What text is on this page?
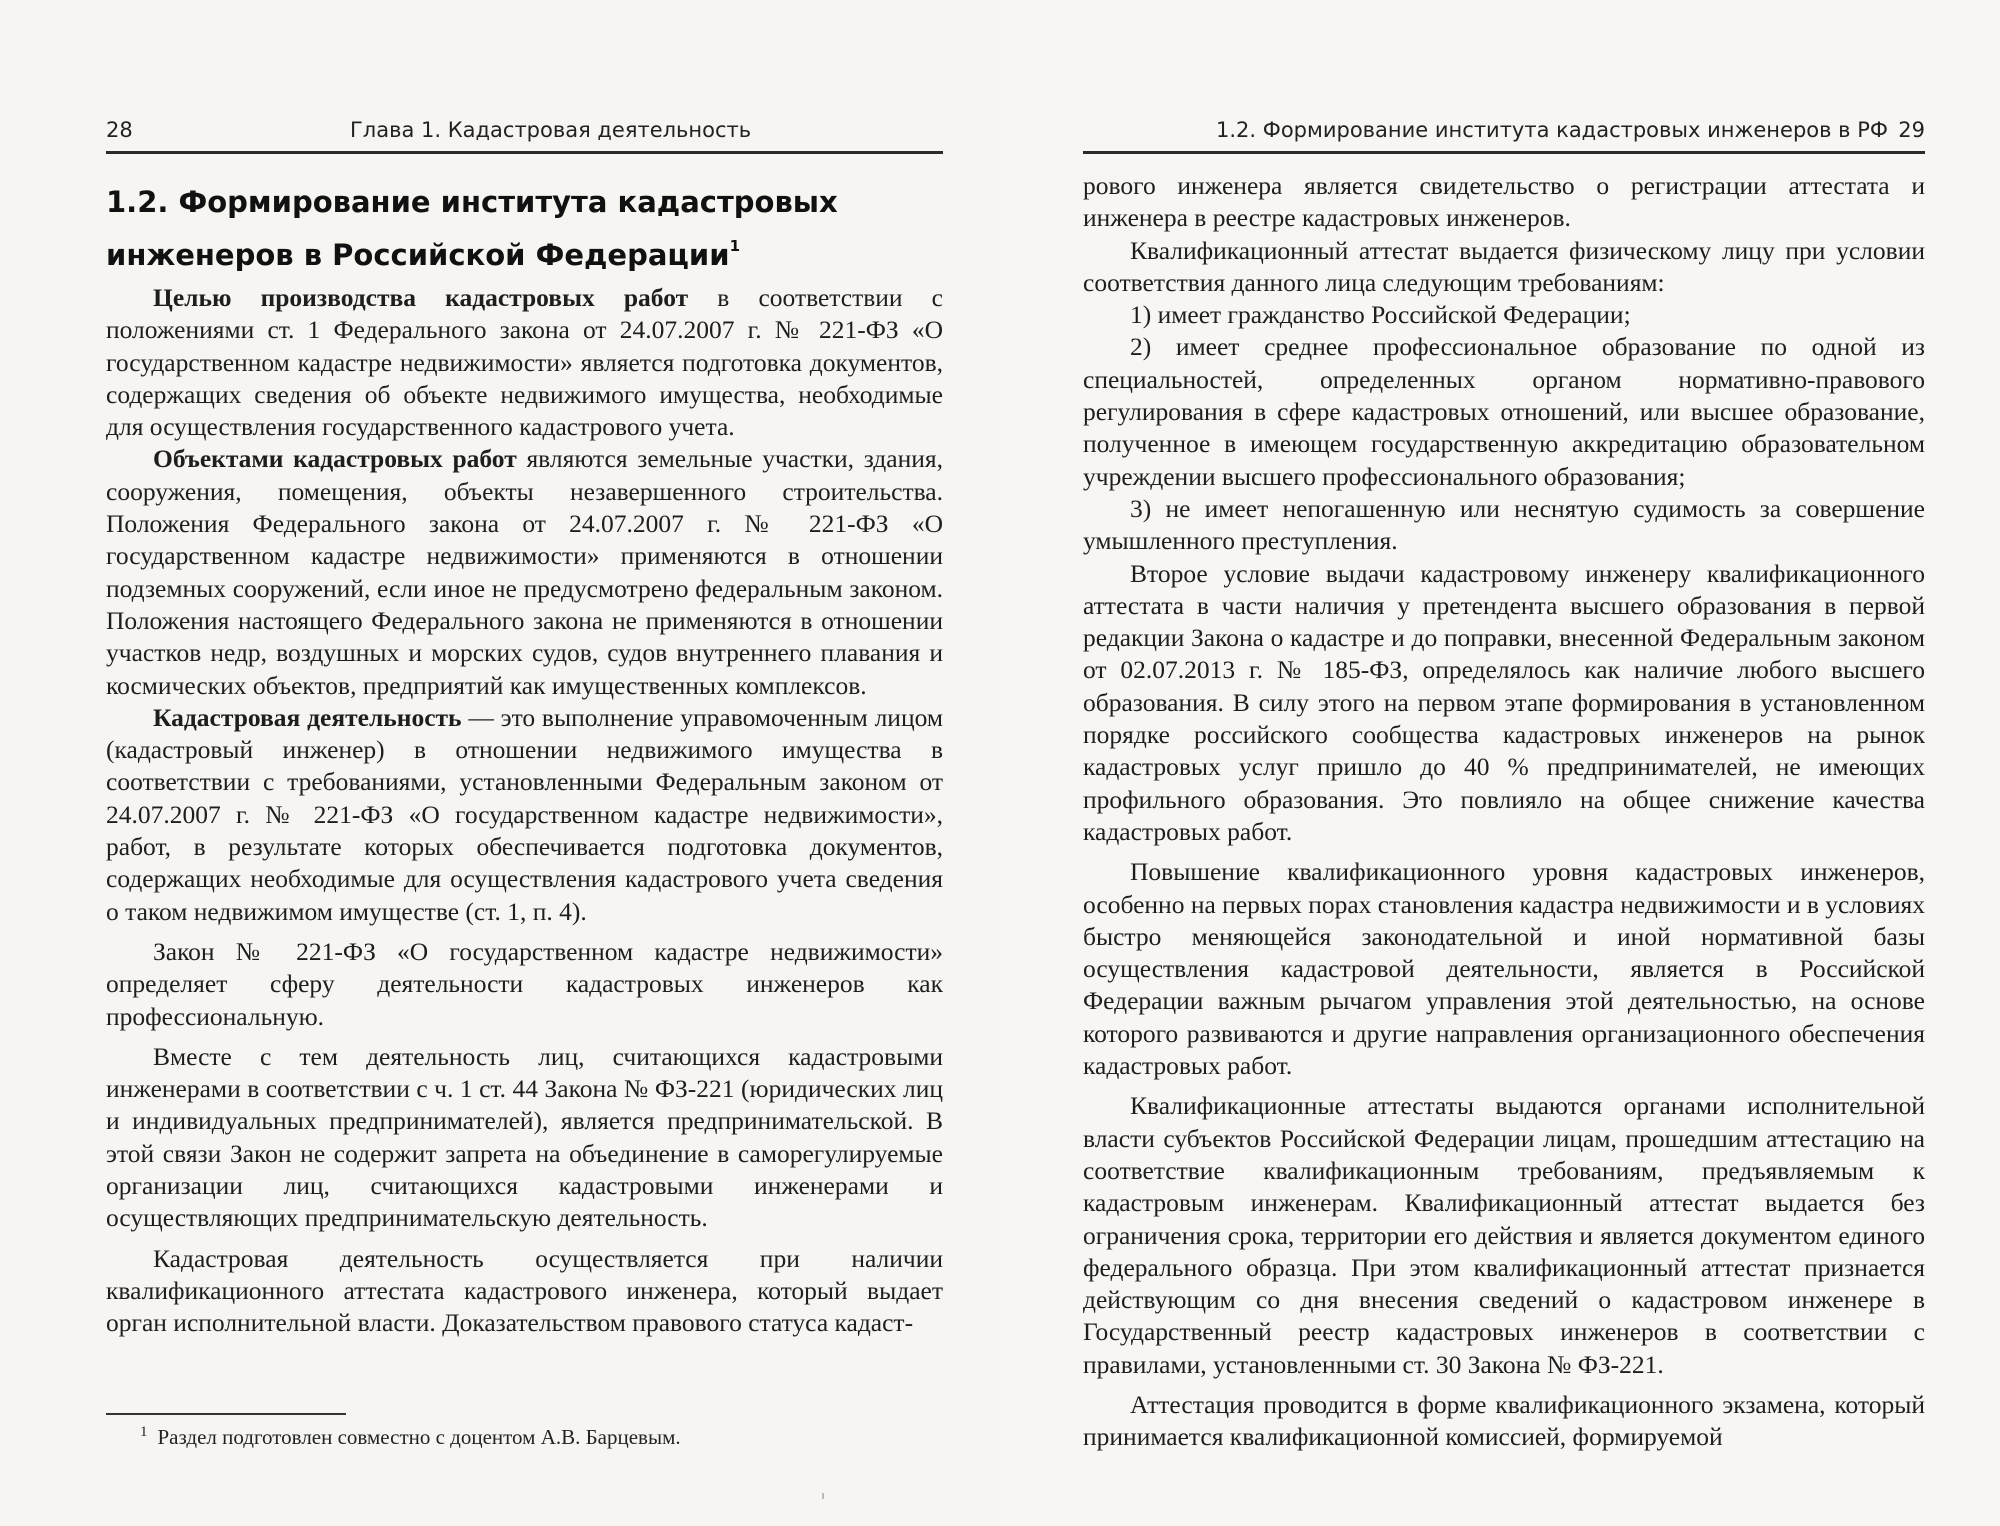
28	Глава 1. Кадастровая деятельность
1.2. Формирование института кадастровых инженеров в Российской Федерации$^1$

Целью производства кадастровых работ в соответствии с положениями ст. 1 Федерального закона от 24.07.2007 г. № 221-ФЗ «О государственном кадастре недвижимости» является подготовка документов, содержащих сведения об объекте недвижимого имущества, необходимые для осуществления государственного кадастрового учета.

Объектами кадастровых работ являются земельные участки, здания, сооружения, помещения, объекты незавершенного строительства. Положения Федерального закона от 24.07.2007 г. № 221-ФЗ «О государственном кадастре недвижимости» применяются в отношении подземных сооружений, если иное не предусмотрено федеральным законом. Положения настоящего Федерального закона не применяются в отношении участков недр, воздушных и морских судов, судов внутреннего плавания и космических объектов, предприятий как имущественных комплексов.

Кадастровая деятельность — это выполнение управомоченным лицом (кадастровый инженер) в отношении недвижимого имущества в соответствии с требованиями, установленными Федеральным законом от 24.07.2007 г. № 221-ФЗ «О государственном кадастре недвижимости», работ, в результате которых обеспечивается подготовка документов, содержащих необходимые для осуществления кадастрового учета сведения о таком недвижимом имуществе (ст. 1, п. 4).

Закон № 221-ФЗ «О государственном кадастре недвижимости» определяет сферу деятельности кадастровых инженеров как профессиональную.

Вместе с тем деятельность лиц, считающихся кадастровыми инженерами в соответствии с ч. 1 ст. 44 Закона № ФЗ-221 (юридических лиц и индивидуальных предпринимателей), является предпринимательской. В этой связи Закон не содержит запрета на объединение в саморегулируемые организации лиц, считающихся кадастровыми инженерами и осуществляющих предпринимательскую деятельность.

Кадастровая деятельность осуществляется при наличии квалификационного аттестата кадастрового инженера, который выдает орган исполнительной власти. Доказательством правового статуса кадаст-

$^1$ Раздел подготовлен совместно с доцентом А.В. Барцевым.
1.2. Формирование института кадастровых инженеров в РФ 29

рового инженера является свидетельство о регистрации аттестата и инженера в реестре кадастровых инженеров.

Квалификационный аттестат выдается физическому лицу при условии соответствия данного лица следующим требованиям:

1) имеет гражданство Российской Федерации;

2) имеет среднее профессиональное образование по одной из специальностей, определенных органом нормативно-правового регулирования в сфере кадастровых отношений, или высшее образование, полученное в имеющем государственную аккредитацию образовательном учреждении высшего профессионального образования;

3) не имеет непогашенную или неснятую судимость за совершение умышленного преступления.

Второе условие выдачи кадастровому инженеру квалификационного аттестата в части наличия у претендента высшего образования в первой редакции Закона о кадастре и до поправки, внесенной Федеральным законом от 02.07.2013 г. № 185-ФЗ, определялось как наличие любого высшего образования. В силу этого на первом этапе формирования в установленном порядке российского сообщества кадастровых инженеров на рынок кадастровых услуг пришло до 40 % предпринимателей, не имеющих профильного образования. Это повлияло на общее снижение качества кадастровых работ.

Повышение квалификационного уровня кадастровых инженеров, особенно на первых порах становления кадастра недвижимости и в условиях быстро меняющейся законодательной и иной нормативной базы осуществления кадастровой деятельности, является в Российской Федерации важным рычагом управления этой деятельностью, на основе которого развиваются и другие направления организационного обеспечения кадастровых работ.

Квалификационные аттестаты выдаются органами исполнительной власти субъектов Российской Федерации лицам, прошедшим аттестацию на соответствие квалификационным требованиям, предъявляемым к кадастровым инженерам. Квалификационный аттестат выдается без ограничения срока, территории его действия и является документом единого федерального образца. При этом квалификационный аттестат признается действующим со дня внесения сведений о кадастровом инженере в Государственный реестр кадастровых инженеров в соответствии с правилами, установленными ст. 30 Закона № ФЗ-221.

Аттестация проводится в форме квалификационного экзамена, который принимается квалификационной комиссией, формируемой
